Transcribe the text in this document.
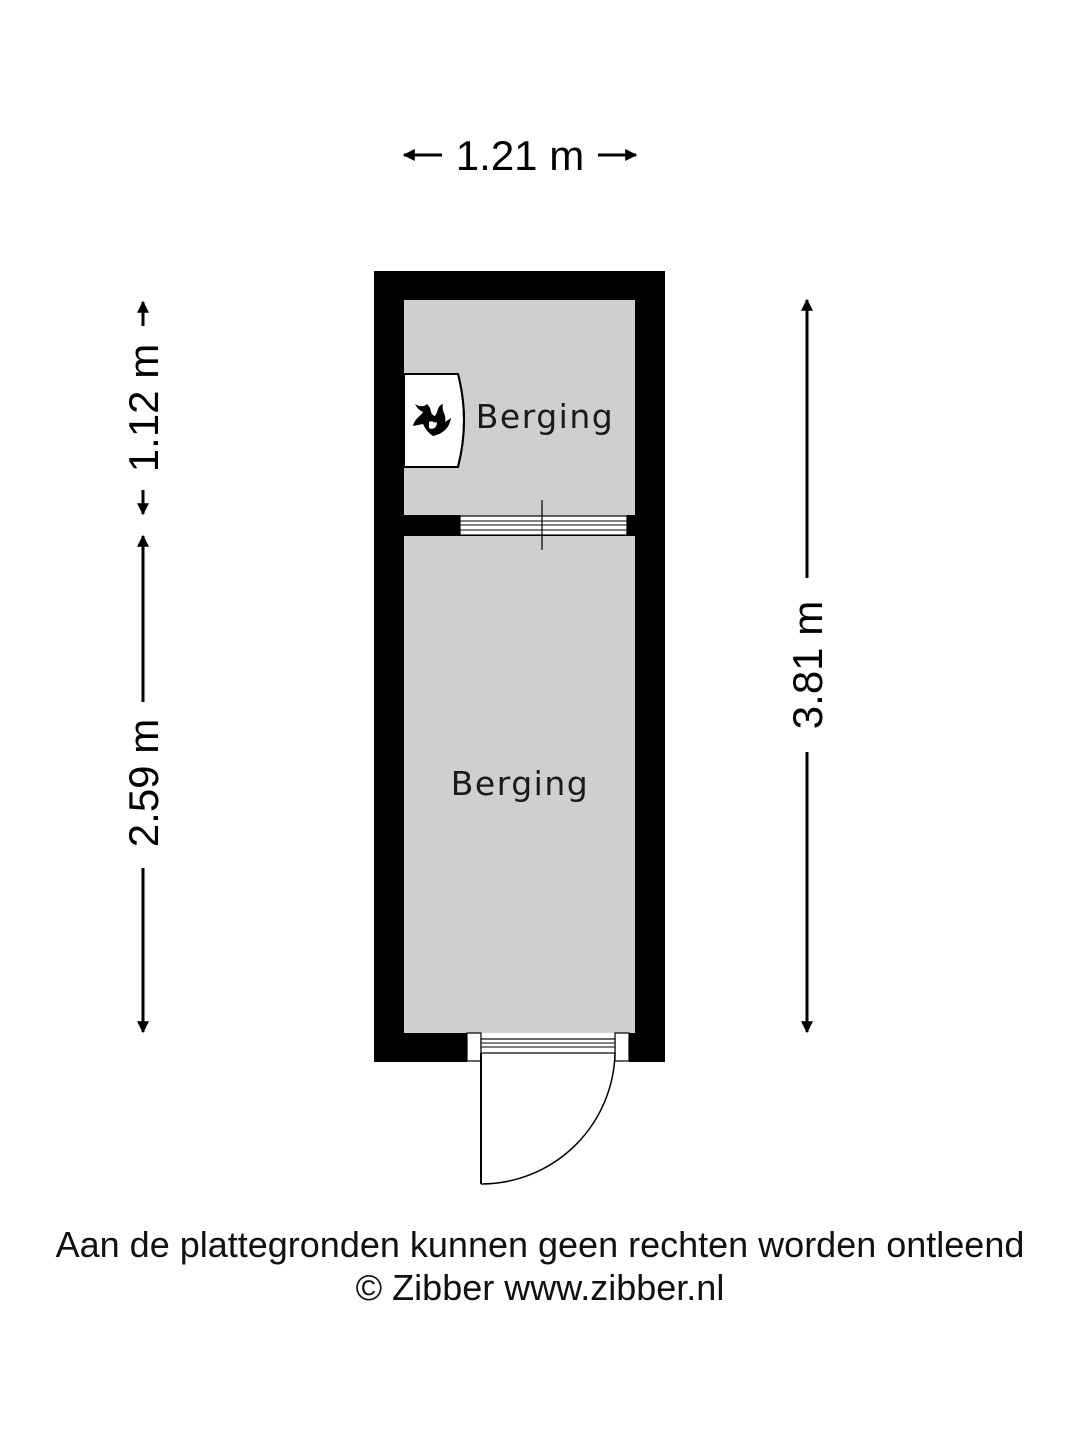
1.21 m
1.12 m
2.59 m
3.81 m
Berging
Berging
Aan de plattegronden kunnen geen rechten worden ontleend
© Zibber www.zibber.nl
